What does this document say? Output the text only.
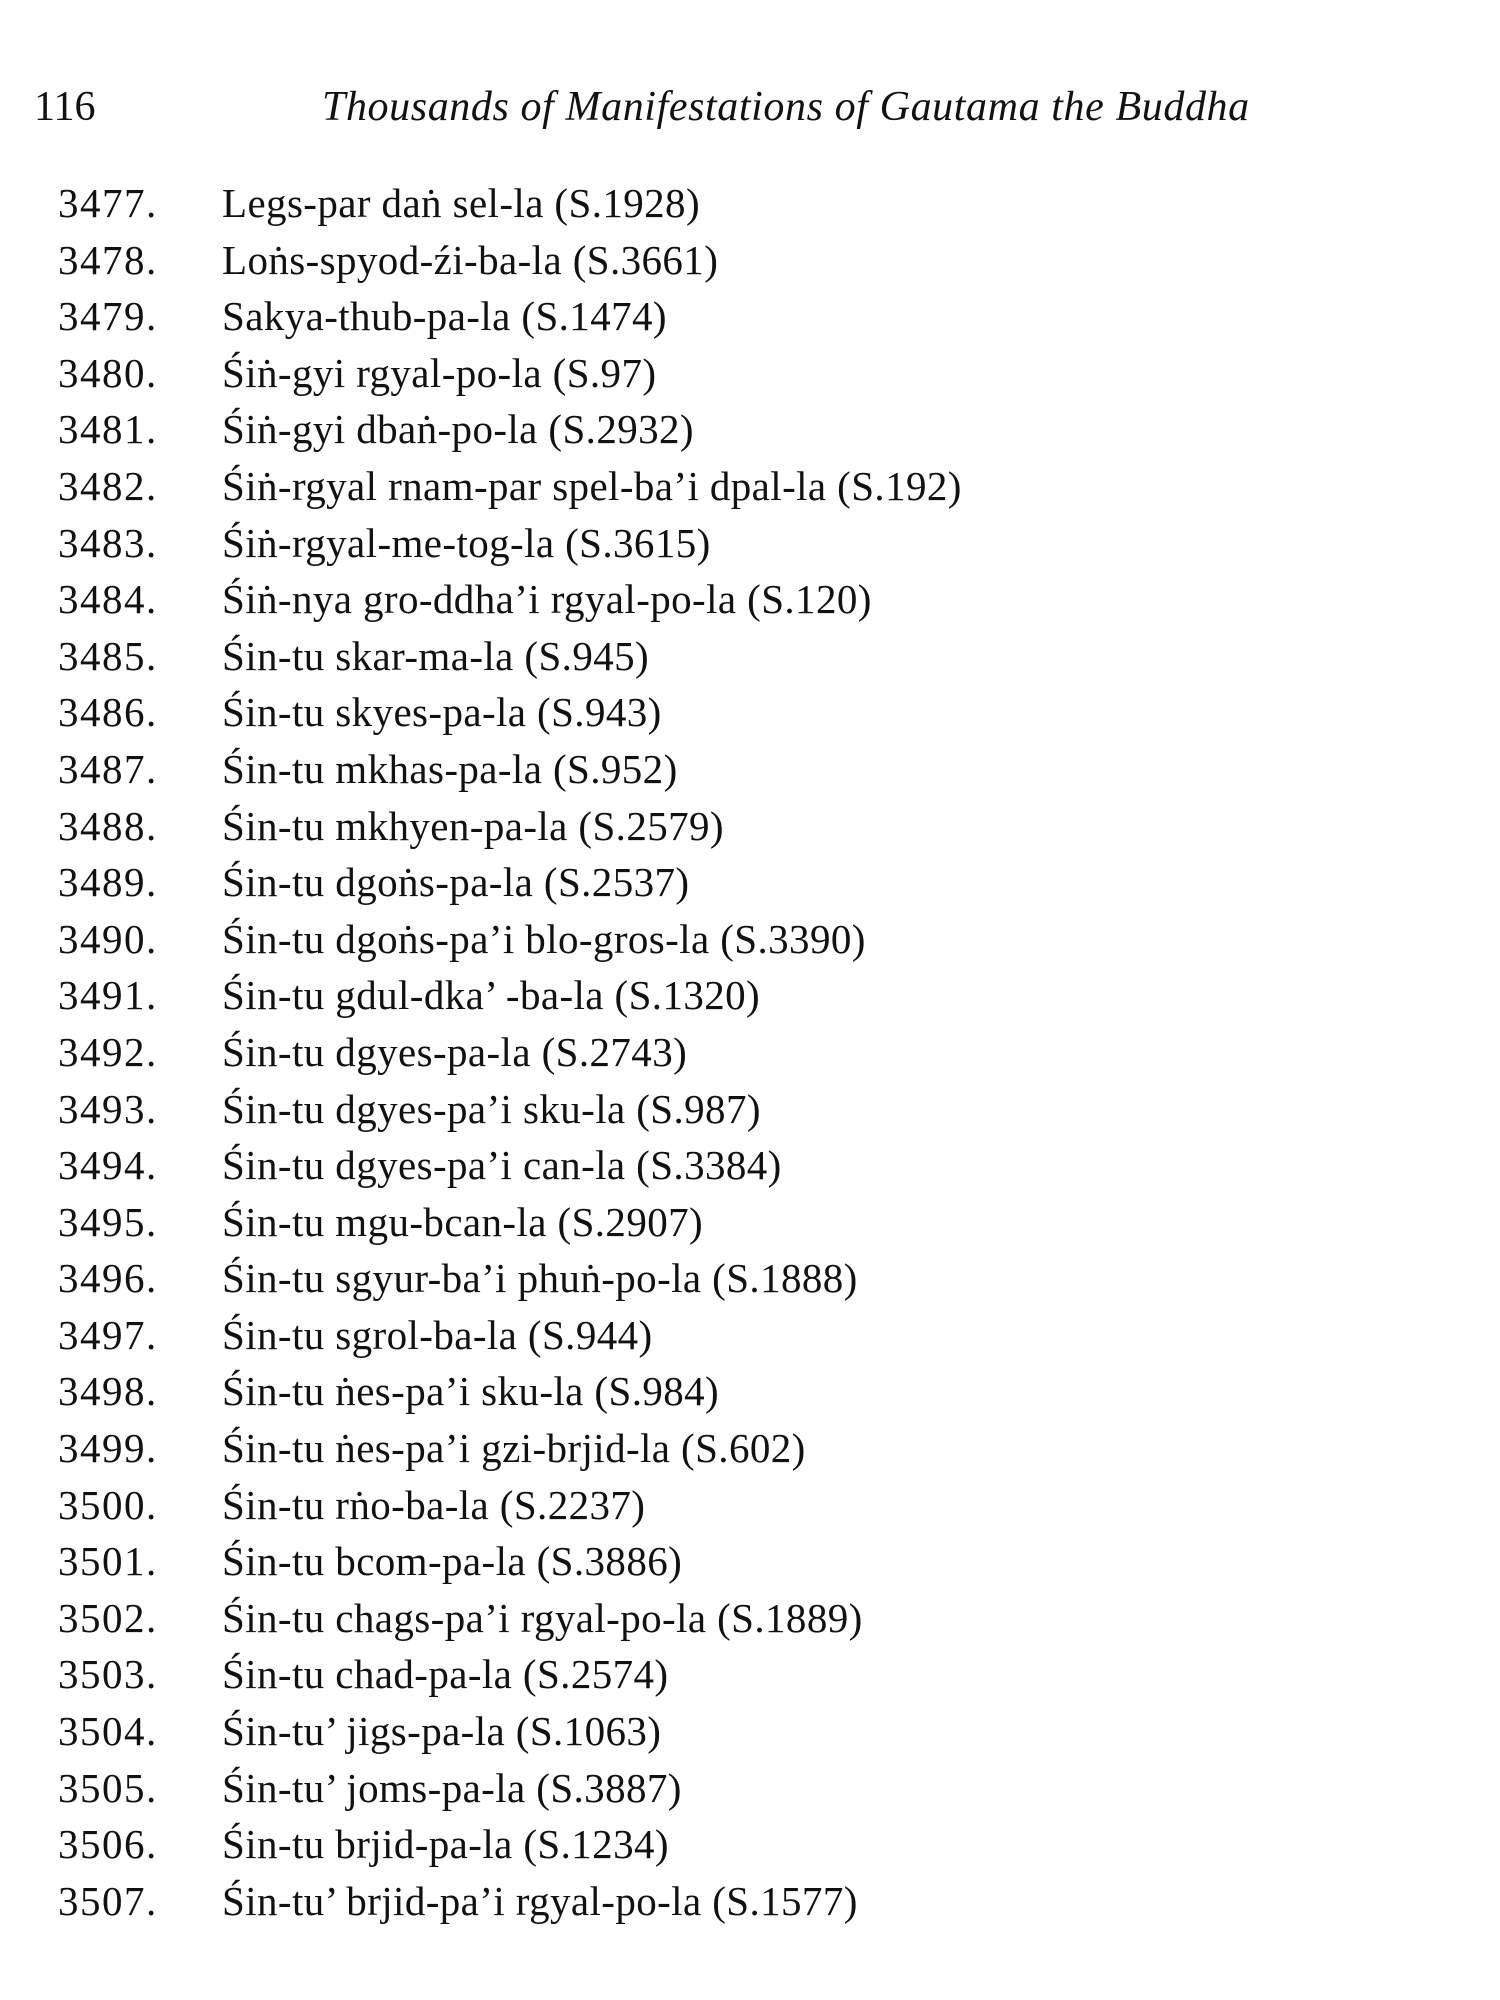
116	Thousands of Manifestations of Gautama the Buddha
3477. Legs-par daṅ sel-la (S.1928)
3478. Loṅs-spyod-źi-ba-la (S.3661)
3479. Sakya-thub-pa-la (S.1474)
3480. Śiṅ-gyi rgyal-po-la (S.97)
3481. Śiṅ-gyi dbaṅ-po-la (S.2932)
3482. Śiṅ-rgyal rnam-par spel-ba’i dpal-la (S.192)
3483. Śiṅ-rgyal-me-tog-la (S.3615)
3484. Śiṅ-nya gro-ddha’i rgyal-po-la (S.120)
3485. Śin-tu skar-ma-la (S.945)
3486. Śin-tu skyes-pa-la (S.943)
3487. Śin-tu mkhas-pa-la (S.952)
3488. Śin-tu mkhyen-pa-la (S.2579)
3489. Śin-tu dgoṅs-pa-la (S.2537)
3490. Śin-tu dgoṅs-pa’i blo-gros-la (S.3390)
3491. Śin-tu gdul-dka’ -ba-la (S.1320)
3492. Śin-tu dgyes-pa-la (S.2743)
3493. Śin-tu dgyes-pa’i sku-la (S.987)
3494. Śin-tu dgyes-pa’i can-la (S.3384)
3495. Śin-tu mgu-bcan-la (S.2907)
3496. Śin-tu sgyur-ba’i phuṅ-po-la (S.1888)
3497. Śin-tu sgrol-ba-la (S.944)
3498. Śin-tu ṅes-pa’i sku-la (S.984)
3499. Śin-tu ṅes-pa’i gzi-brjid-la (S.602)
3500. Śin-tu rṅo-ba-la (S.2237)
3501. Śin-tu bcom-pa-la (S.3886)
3502. Śin-tu chags-pa’i rgyal-po-la (S.1889)
3503. Śin-tu chad-pa-la (S.2574)
3504. Śin-tu’ jigs-pa-la (S.1063)
3505. Śin-tu’ joms-pa-la (S.3887)
3506. Śin-tu brjid-pa-la (S.1234)
3507. Śin-tu’ brjid-pa’i rgyal-po-la (S.1577)
